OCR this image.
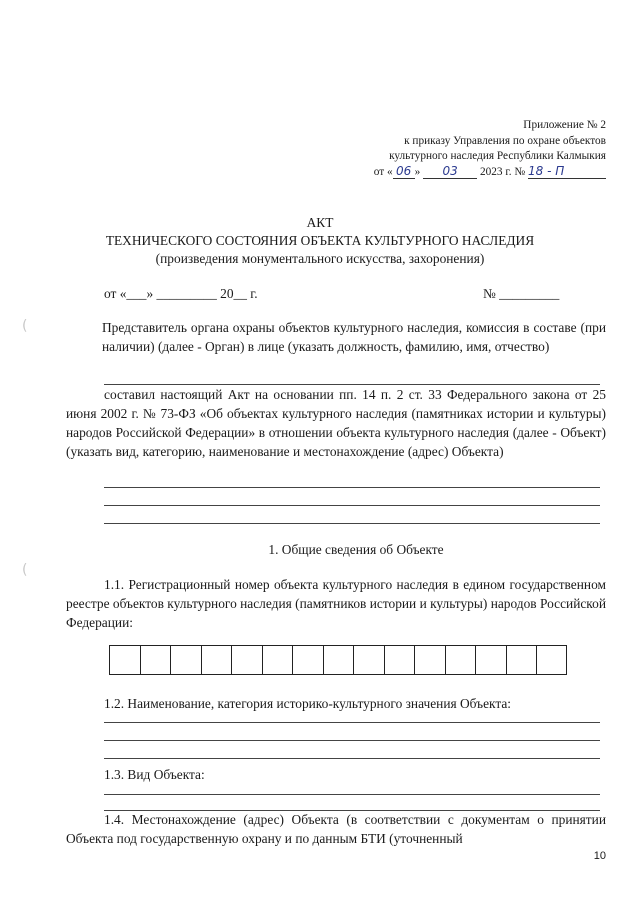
(
(
Приложение № 2
к приказу Управления по охране объектов
культурного наследия Республики Калмыкия
от « 06 » 03 2023 г. № 18 - П
АКТ
ТЕХНИЧЕСКОГО СОСТОЯНИЯ ОБЪЕКТА КУЛЬТУРНОГО НАСЛЕДИЯ
(произведения монументального искусства, захоронения)
от «___» _________ 20__ г.	№ _________

Представитель органа охраны объектов культурного наследия, комиссия в составе (при наличии) (далее - Орган) в лице (указать должность, фамилию, имя, отчество)

составил настоящий Акт на основании пп. 14 п. 2 ст. 33 Федерального закона от 25 июня 2002 г. № 73-ФЗ «Об объектах культурного наследия (памятниках истории и культуры) народов Российской Федерации» в отношении объекта культурного наследия (далее - Объект) (указать вид, категорию, наименование и местонахождение (адрес) Объекта)

1. Общие сведения об Объекте

1.1. Регистрационный номер объекта культурного наследия в едином государственном реестре объектов культурного наследия (памятников истории и культуры) народов Российской Федерации:

1.2. Наименование, категория историко-культурного значения Объекта:
1.3. Вид Объекта:

1.4. Местонахождение (адрес) Объекта (в соответствии с документам о принятии Объекта под государственную охрану и по данным БТИ (уточненный

10
